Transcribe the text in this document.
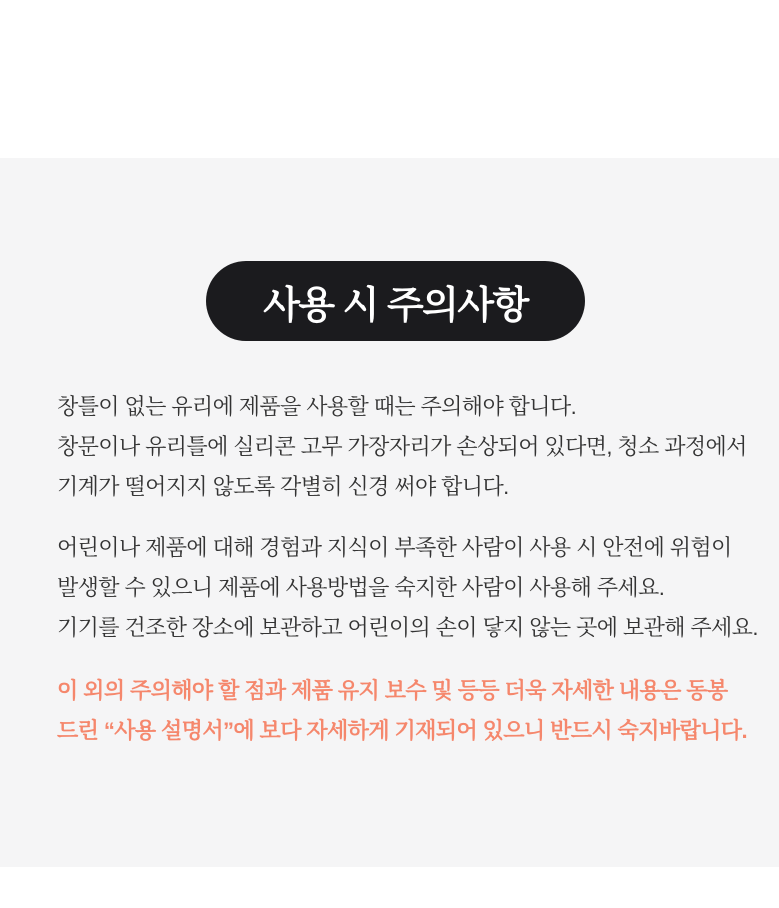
사용 시 주의사항

창틀이 없는 유리에 제품을 사용할 때는 주의해야 합니다.
창문이나 유리틀에 실리콘 고무 가장자리가 손상되어 있다면, 청소 과정에서
기계가 떨어지지 않도록 각별히 신경 써야 합니다.

어린이나 제품에 대해 경험과 지식이 부족한 사람이 사용 시 안전에 위험이
발생할 수 있으니 제품에 사용방법을 숙지한 사람이 사용해 주세요.
기기를 건조한 장소에 보관하고 어린이의 손이 닿지 않는 곳에 보관해 주세요.

이 외의 주의해야 할 점과 제품 유지 보수 및 등등 더욱 자세한 내용은 동봉
드린 “사용 설명서”에 보다 자세하게 기재되어 있으니 반드시 숙지바랍니다.
